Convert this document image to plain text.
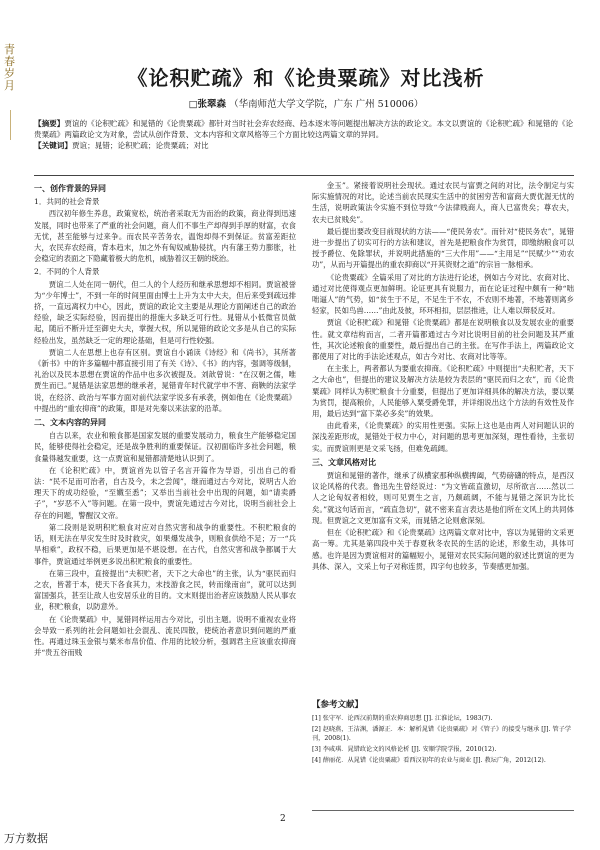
青春岁月	《论积贮疏》和《论贵粟疏》对比浅析
□张翠森 （华南师范大学文学院，广东 广州 510006）
【摘要】贾谊的《论积贮疏》和晁错的《论贵粟疏》都针对当时社会弃农经商、趋本逐末等问题提出解决方法的政论文。本文以贾谊的《论积贮疏》和晁错的《论贵粟疏》两篇政论文为对象，尝试从创作背景、文本内容和文章风格等三个方面比较这两篇文章的异同。
【关键词】贾谊；晁错；论积贮疏；论贵粟疏；对比
一、创作背景的异同
1．共同的社会背景

西汉初年修生养息，政策宽松，统治者采取无为而治的政策，商业得到迅速发展，同时也带来了严重的社会问题，商人们不事生产却得到手厚的财富，衣食无忧，甚至能够与过来争。而农民辛苦务农，温饱却得不到保证。贫富差距拉大，农民弃农经商，背本趋末，加之外有匈奴威胁侵扰，内有藩王势力膨胀，社会稳定的表面之下隐藏着极大的危机，威胁着汉王朝的统治。

2．不同的个人背景

贾谊二人处在同一朝代，但二人的个人经历和继承思想却不相同。贾谊被誉为“少年博士”，不到一年的时间里面由博士上升为太中大夫，但后来受到疏远排挤，一直远离权力中心，因此，贾谊的政论文主要是从理论方面阐述自己的政治经验，缺乏实际经验，因而提出的措施大多缺乏可行性。晁错从小低微官员做起，随后不断升迁至御史大夫，掌握大权，所以晁错的政论文多是从自己的实际经验出发，虽然缺乏一定的理论基础，但是可行性较强。

贾谊二人在思想上也存有区别。贾谊自小诵读《诗经》和《尚书》，其所著《新书》中的许多篇幅中都直接引用了有关《诗》、《书》的内容，强调等级制，礼治以及民本思想在贾谊的作品中也多次被提及。刘歆曾说：“在汉朝之儒，唯贾生而已。”晁错是法家思想的继承者，晁错青年时代就学申不害、商鞅的法家学说，在经济、政治与军事方面对前代法家学说多有承袭，例如他在《论贵粟疏》中提出的“重农抑商”的政策，即是对先秦以来法家的沿革。

二、文本内容的异同

自古以来，农业和粮食都是国家发展的重要发展动力，粮食生产能够稳定国民，能够使得社会稳定，还是战争胜利的重要保证。汉初面临许多社会问题，粮食量得越发重要，这一点贾谊和晁错都清楚地认识到了。

在《论积贮疏》中，贾谊首先以管子名言开篇作为导语，引出自己的看法：“民不足而可治者，自古及今，未之尝闻”，继而通过古今对比，说明古人治理天下的成功经验，“至孅至悉”；又举出当前社会中出现的问题，如“请卖爵子”，“岁恶不入”等问题。在第一段中，贾谊先通过古今对比，说明当前社会上存在的问题，警醒汉文帝。

第二段则是说明积贮粮食对应对自然灾害和战争的重要性。不积贮粮食的话，则无法在旱灾发生时及时救灾，如果爆发战争，则粮食供给不足；万一“兵旱相乘”，政权不稳，后果更加是不堪设想。在古代，自然灾害和战争都属于大事件，贾谊通过举例更多说出积贮粮食的重要性。

在第三段中，直接提出“夫积贮者，天下之大命也”的主张，认为“驱民而归之农，皆著于本，使天下各食其力，末技游食之民，转而缘南亩”，就可以达到富国强兵，甚至让敌人也安居乐业的目的。文末则提出治者应该鼓励人民从事农业，积贮粮食，以防意外。

在《论贵粟疏》中，晁错同样运用古今对比，引出主题。说明不重视农业将会导致一系列的社会问题如社会混乱、流民四散，使统治者意识到问题的严重性。再通过珠玉金银与粟米布帛价值、作用的比较分析，强调君主应该重农抑商并“贵五谷而贱

金玉”。紧接着说明社会现状。通过农民与富贾之间的对比，法令制定与实际实施情况的对比，论述当前农民现实生活中的贫困穷苦和富商大贾优渥无忧的生活，说明政策法令实施不到位导致“今法律贱商人，商人已富贵矣；尊农夫，农夫已贫贱矣”。

最后提出要改变目前现状的方法——“使民务农”。而针对“使民务农”，晁错进一步提出了切实可行的方法和建议，首先是把粮食作为赏罚，即缴纳粮食可以授予爵位、免除罪状，并说明此措施的“三大作用”——“主用足”“民赋少”“劝农功”，从而与开篇提出的重农抑商以“开其资财之道”的宗旨一脉相承。

《论贵粟疏》全篇采用了对比的方法进行论述，例如古今对比、农商对比、通过对比使得观点更加鲜明。论证更具有说服力，而在论证过程中颇有一种“咄咄逼人”的气势，如“贫生于不足，不足生于不农，不农则不地著，不地著则离乡轻家，民如鸟兽……”由此及彼，环环相扣，层层推进，让人难以辩驳反对。

贾谊《论积贮疏》和晁错《论贵粟疏》都是在说明粮食以及发展农业的重要性。就文章结构而言，二者开篇都通过古今对比说明目前的社会问题及其严重性，其次论述粮食的重要性，最后提出自己的主张。在写作手法上，两篇政论文都使用了对比的手法论述观点，如古今对比、农商对比等等。

在主张上，两者都认为要重农抑商。《论积贮疏》中则提出“夫积贮者，天下之大命也”，但提出的建议及解决方法是较为表层的“驱民而归之农”，而《论贵粟疏》同样认为积贮粮食十分重要，但提出了更加详细具体的解决方法，要以粟为赏罚，提高粮价，人民能够入粟受爵免罪，并详细说出这个方法的有效性及作用，最后达到“富下菜必多矣”的效果。

由此看来，《论贵粟疏》的实用性更强。实际上这也是由两人对问题认识的深浅差距形成，晁错处于权力中心，对问题的思考更加深刻，理性看待，主张切实。而贾谊则更是文采飞扬，但难免疏阔。

三、文章风格对比

贾谊和晁错的著作，继承了纵横家那种纵横捭阖，气势磅礴的特点，是西汉议论风格的代表。鲁迅先生曾经说过：“为文皆疏直激切，尽所欲言……然以二人之论匈奴者相较，则可见贾生之言，乃颇疏阔，不能与晁错之深识为比长矣。”就这句话而言，“疏直急切”，就不密来直言表达是他们所在文风上的共同体现。但贾谊之文更加富有文采，而晁错之论则愈深刻。

但在《论积贮疏》和《论贵粟疏》这两篇文章对比中，容以为晁错的文采更高一筹。尤其是第四段中关于春夏秋冬农民的生活的论述，形象生动，具体可感。也许是因为贾谊相对的篇幅短小，晁错对农民实际问题的叙述比贾谊的更为具体、深入，文采上句子对称连贯，四字句也较多，节奏感更加强。

【参考文献】
[1] 张守军．论西汉前期的重农抑商思想 [J]. 江淮论坛，1983(7).
[2] 赵晓燕，王洁渊，潘源正．本：解析晁错《论贵粟疏》对《管子》的接受与继承 [J]. 管子学刊，2008(1).
[3] 李咸琪．晁错政论文的风格论析 [J]. 安顺学院学报，2010(12).
[4] 薛丽花．从晁错《论贵粟疏》看西汉初年的农业与商业 [J]. 教坛广角，2012(12).
2
万方数据
